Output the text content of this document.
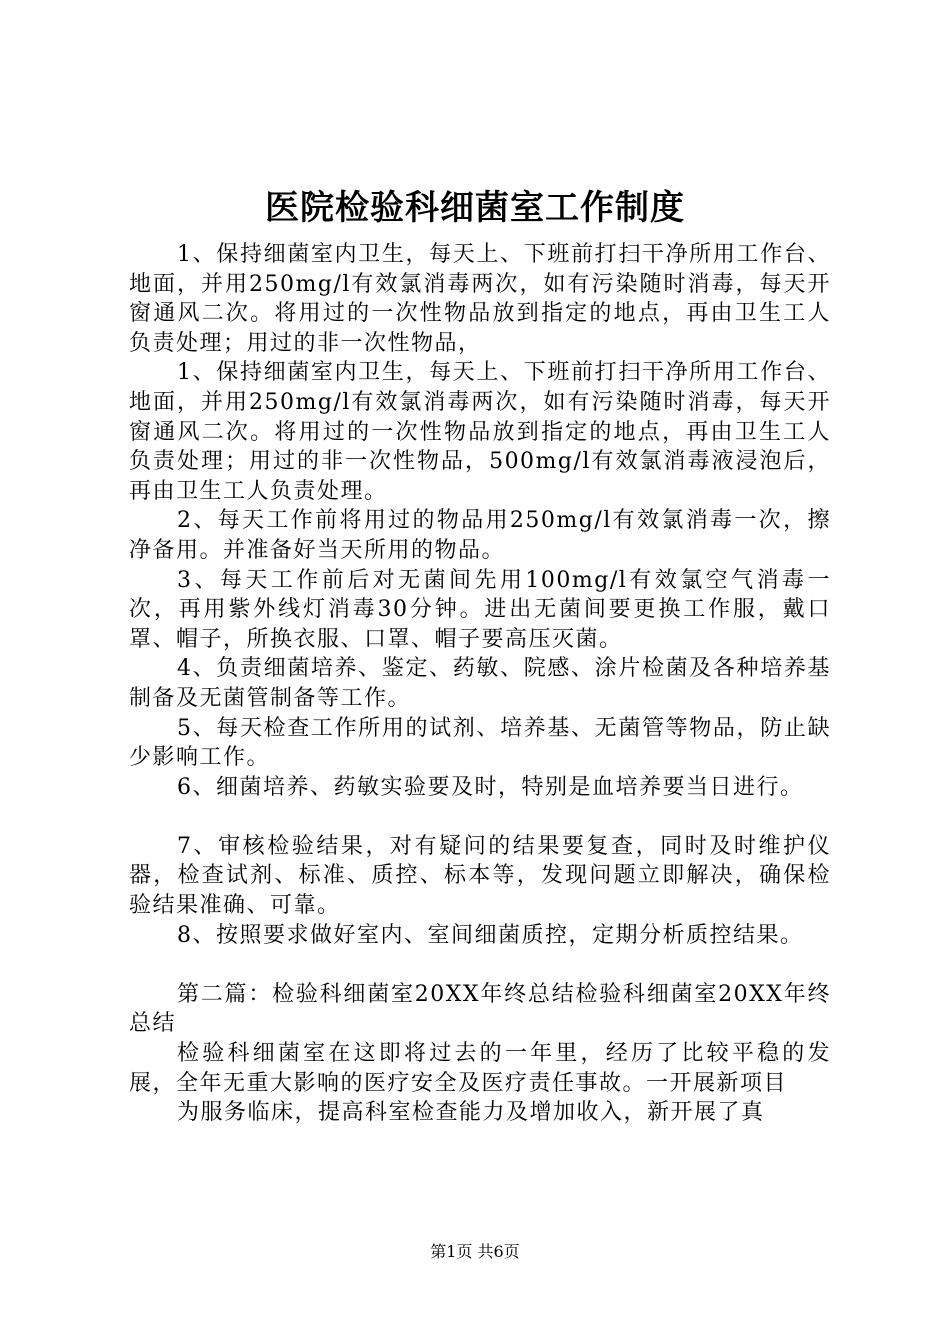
医院检验科细菌室工作制度

1、保持细菌室内卫生，每天上、下班前打扫干净所用工作台、地面，并用250mg/l有效氯消毒两次，如有污染随时消毒，每天开窗通风二次。将用过的一次性物品放到指定的地点，再由卫生工人负责处理；用过的非一次性物品，

1、保持细菌室内卫生，每天上、下班前打扫干净所用工作台、地面，并用250mg/l有效氯消毒两次，如有污染随时消毒，每天开窗通风二次。将用过的一次性物品放到指定的地点，再由卫生工人负责处理；用过的非一次性物品，500mg/l有效氯消毒液浸泡后，再由卫生工人负责处理。

2、每天工作前将用过的物品用250mg/l有效氯消毒一次，擦净备用。并准备好当天所用的物品。

3、每天工作前后对无菌间先用100mg/l有效氯空气消毒一次，再用紫外线灯消毒30分钟。进出无菌间要更换工作服，戴口罩、帽子，所换衣服、口罩、帽子要高压灭菌。

4、负责细菌培养、鉴定、药敏、院感、涂片检菌及各种培养基制备及无菌管制备等工作。

5、每天检查工作所用的试剂、培养基、无菌管等物品，防止缺少影响工作。

6、细菌培养、药敏实验要及时，特别是血培养要当日进行。

7、审核检验结果，对有疑问的结果要复查，同时及时维护仪器，检查试剂、标准、质控、标本等，发现问题立即解决，确保检验结果准确、可靠。

8、按照要求做好室内、室间细菌质控，定期分析质控结果。

第二篇：检验科细菌室20XX年终总结检验科细菌室20XX年终总结

检验科细菌室在这即将过去的一年里，经历了比较平稳的发展，全年无重大影响的医疗安全及医疗责任事故。一开展新项目

为服务临床，提高科室检查能力及增加收入，新开展了真

第1页 共6页
